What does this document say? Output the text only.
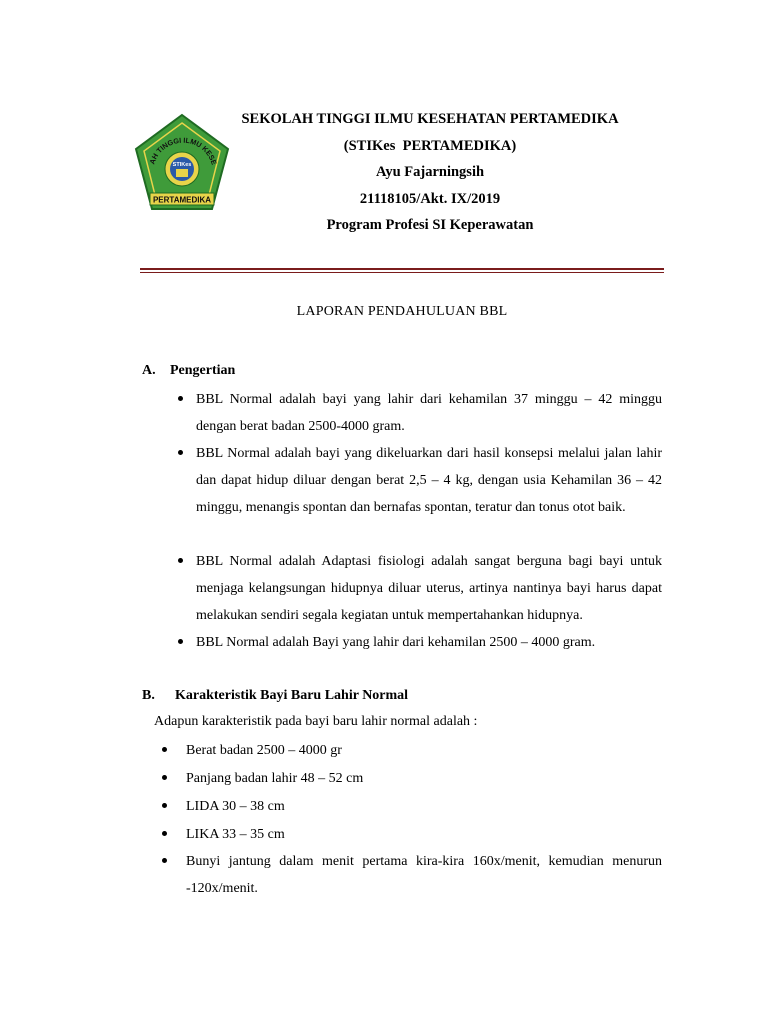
AH TINGGI ILMU KESE
STIKes
PERTAMEDIKA
SEKOLAH TINGGI ILMU KESEHATAN PERTAMEDIKA
(STIKes  PERTAMEDIKA)
Ayu Fajarningsih
21118105/Akt. IX/2019
Program Profesi SI Keperawatan
LAPORAN PENDAHULUAN BBL
A. Pengertian
BBL Normal adalah bayi yang lahir dari kehamilan 37 minggu – 42 minggu dengan berat badan 2500-4000 gram.
BBL Normal adalah bayi yang dikeluarkan dari hasil konsepsi melalui jalan lahir dan dapat hidup diluar dengan berat 2,5 – 4 kg, dengan usia Kehamilan 36 – 42 minggu, menangis spontan dan bernafas spontan, teratur dan tonus otot baik.
BBL Normal adalah Adaptasi fisiologi adalah sangat berguna bagi bayi untuk menjaga kelangsungan hidupnya diluar uterus, artinya nantinya bayi harus dapat melakukan sendiri segala kegiatan untuk mempertahankan hidupnya.
BBL Normal adalah Bayi yang lahir dari kehamilan 2500 – 4000 gram.
B. Karakteristik Bayi Baru Lahir Normal
Adapun karakteristik pada bayi baru lahir normal adalah :
Berat badan 2500 – 4000 gr
Panjang badan lahir 48 – 52 cm
LIDA 30 – 38 cm
LIKA 33 – 35 cm
Bunyi jantung dalam menit pertama kira-kira 160x/menit, kemudian menurun -120x/menit.
